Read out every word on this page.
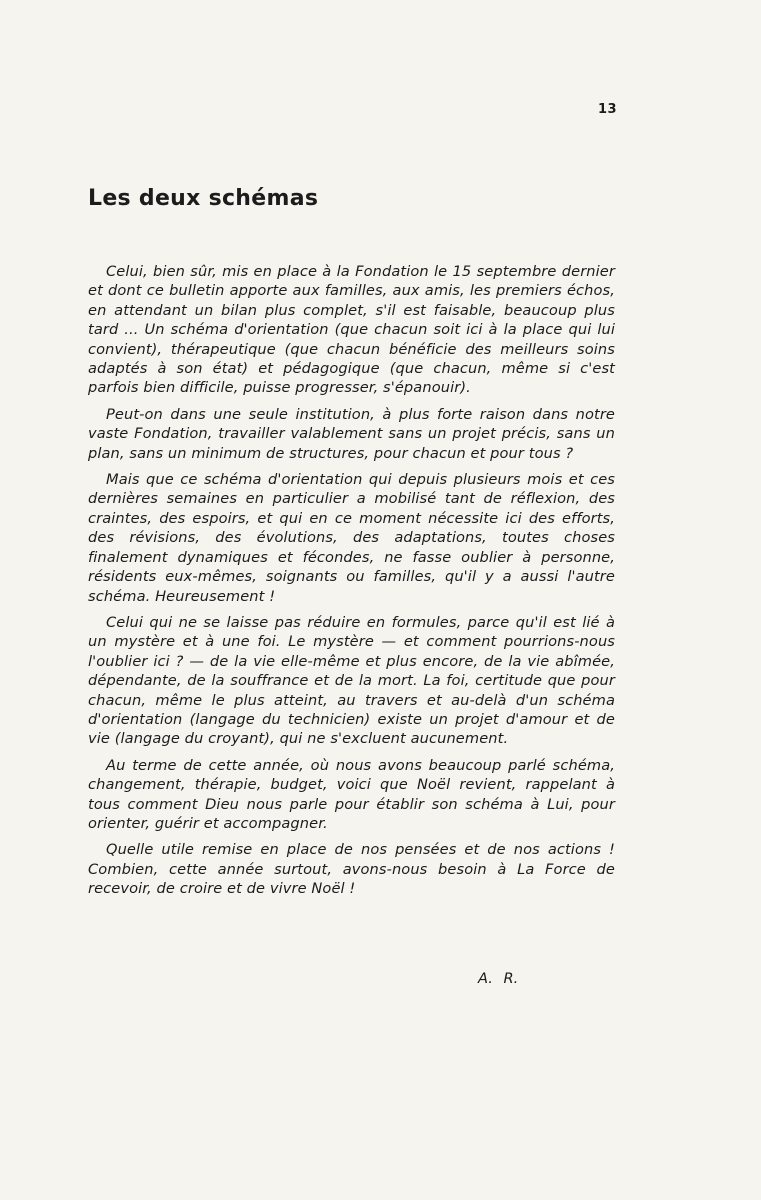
13
Les deux schémas

Celui, bien sûr, mis en place à la Fondation le 15 septembre dernier et dont ce bulletin apporte aux familles, aux amis, les premiers échos, en attendant un bilan plus complet, s'il est faisable, beaucoup plus tard ... Un schéma d'orientation (que chacun soit ici à la place qui lui convient), thérapeutique (que chacun bénéficie des meilleurs soins adaptés à son état) et pédagogique (que chacun, même si c'est parfois bien difficile, puisse progresser, s'épanouir).

Peut-on dans une seule institution, à plus forte raison dans notre vaste Fondation, travailler valablement sans un projet précis, sans un plan, sans un minimum de structures, pour chacun et pour tous ?

Mais que ce schéma d'orientation qui depuis plusieurs mois et ces dernières semaines en particulier a mobilisé tant de réflexion, des craintes, des espoirs, et qui en ce moment nécessite ici des efforts, des révisions, des évolutions, des adaptations, toutes choses finalement dynamiques et fécondes, ne fasse oublier à personne, résidents eux-mêmes, soignants ou familles, qu'il y a aussi l'autre schéma. Heureusement !

Celui qui ne se laisse pas réduire en formules, parce qu'il est lié à un mystère et à une foi. Le mystère — et comment pourrions-nous l'oublier ici ? — de la vie elle-même et plus encore, de la vie abîmée, dépendante, de la souffrance et de la mort. La foi, certitude que pour chacun, même le plus atteint, au travers et au-delà d'un schéma d'orientation (langage du technicien) existe un projet d'amour et de vie (langage du croyant), qui ne s'excluent aucunement.

Au terme de cette année, où nous avons beaucoup parlé schéma, changement, thérapie, budget, voici que Noël revient, rappelant à tous comment Dieu nous parle pour établir son schéma à Lui, pour orienter, guérir et accompagner.

Quelle utile remise en place de nos pensées et de nos actions ! Combien, cette année surtout, avons-nous besoin à La Force de recevoir, de croire et de vivre Noël !

A. R.
